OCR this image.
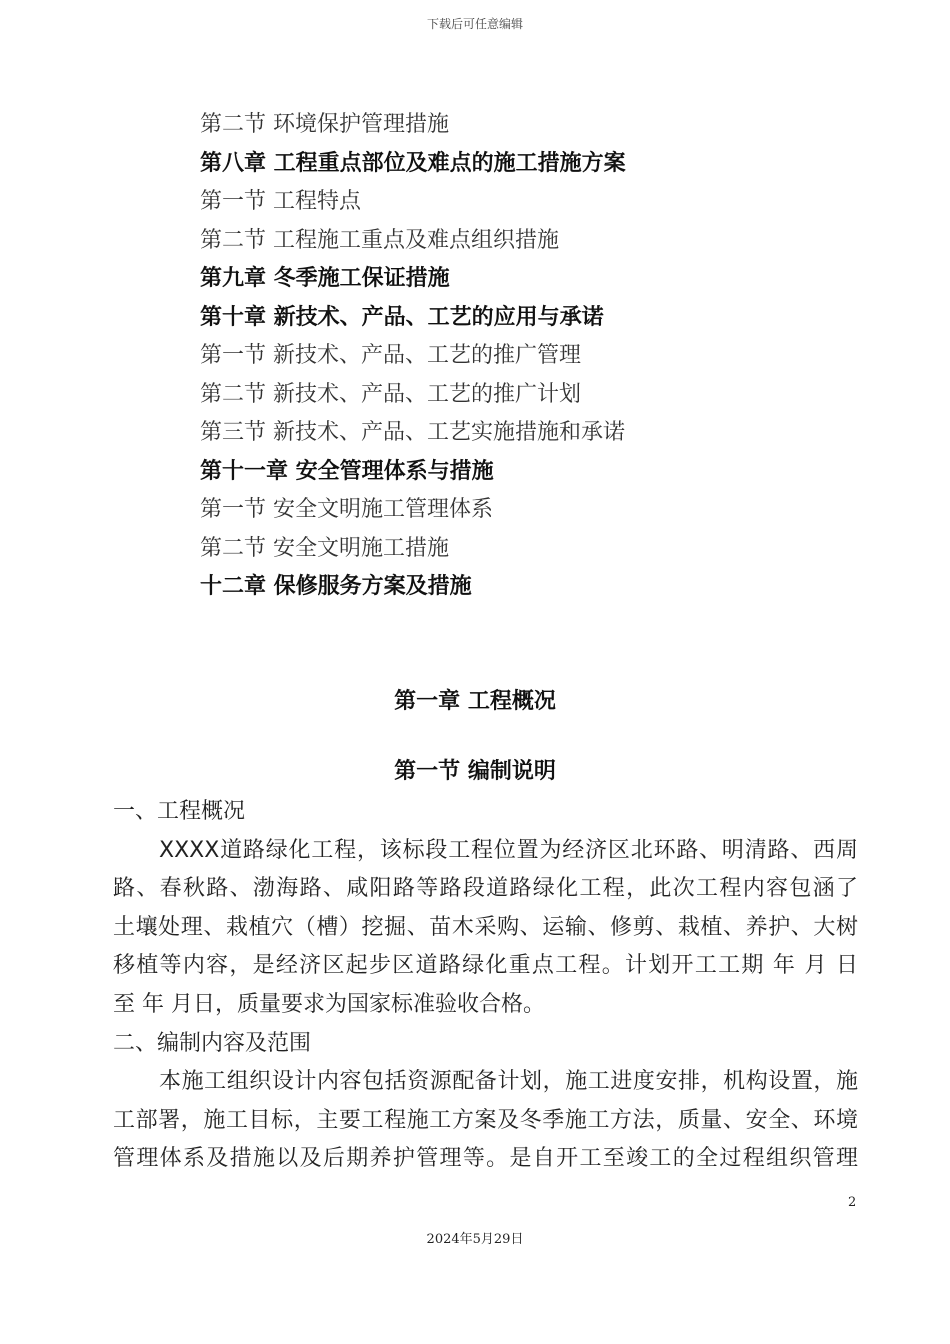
下载后可任意编辑
第二节 环境保护管理措施
第八章 工程重点部位及难点的施工措施方案
第一节 工程特点
第二节 工程施工重点及难点组织措施
第九章 冬季施工保证措施
第十章 新技术、产品、工艺的应用与承诺
第一节 新技术、产品、工艺的推广管理
第二节 新技术、产品、工艺的推广计划
第三节 新技术、产品、工艺实施措施和承诺
第十一章 安全管理体系与措施
第一节 安全文明施工管理体系
第二节 安全文明施工措施
十二章 保修服务方案及措施
第一章 工程概况
第一节 编制说明
一、工程概况
XXXX道路绿化工程，该标段工程位置为经济区北环路、明清路、西周
路、春秋路、渤海路、咸阳路等路段道路绿化工程，此次工程内容包涵了
土壤处理、栽植穴（槽）挖掘、苗木采购、运输、修剪、栽植、养护、大树
移植等内容，是经济区起步区道路绿化重点工程。计划开工工期 年 月 日
至 年 月日，质量要求为国家标准验收合格。
二、编制内容及范围
本施工组织设计内容包括资源配备计划，施工进度安排，机构设置，施
工部署，施工目标，主要工程施工方案及冬季施工方法，质量、安全、环境
管理体系及措施以及后期养护管理等。是自开工至竣工的全过程组织管理
2
2024年5月29日
